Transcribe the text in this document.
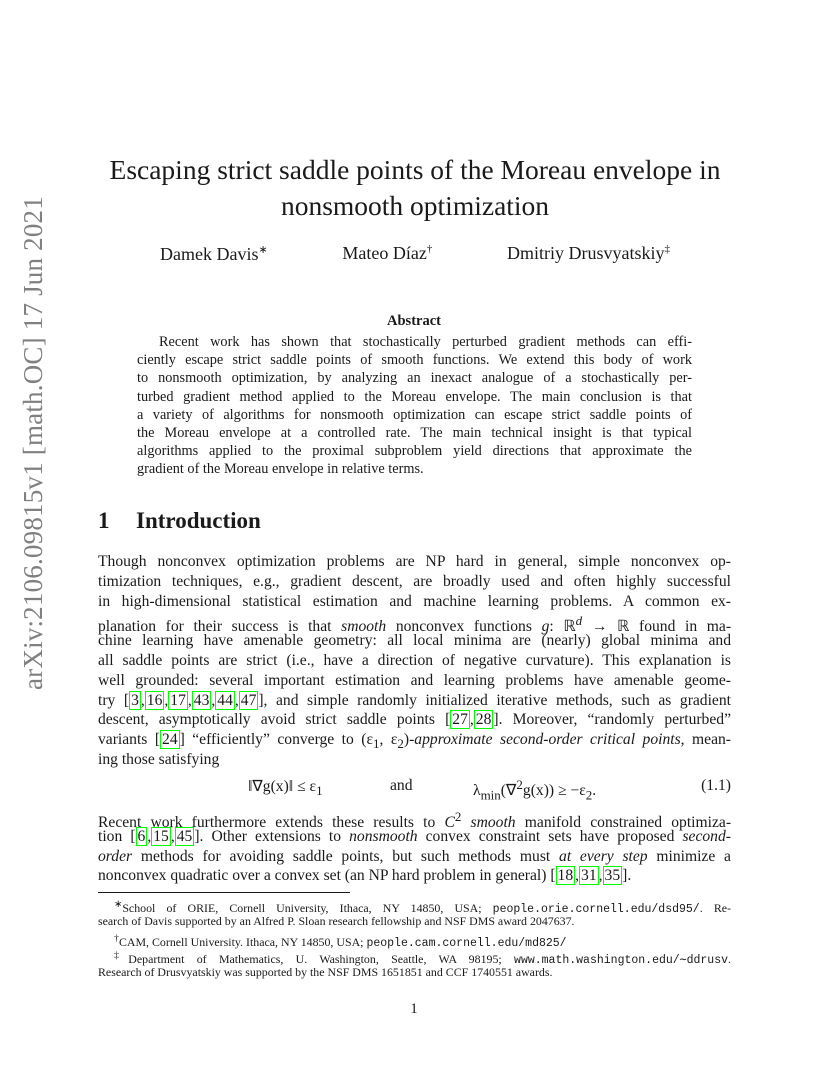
arXiv:2106.09815v1 [math.OC] 17 Jun 2021
Escaping strict saddle points of the Moreau envelope in
nonsmooth optimization
Damek Davis∗	Mateo Díaz†	Dmitriy Drusvyatskiy‡
Abstract
Recent work has shown that stochastically perturbed gradient methods can effi-
ciently escape strict saddle points of smooth functions. We extend this body of work
to nonsmooth optimization, by analyzing an inexact analogue of a stochastically per-
turbed gradient method applied to the Moreau envelope. The main conclusion is that
a variety of algorithms for nonsmooth optimization can escape strict saddle points of
the Moreau envelope at a controlled rate. The main technical insight is that typical
algorithms applied to the proximal subproblem yield directions that approximate the
gradient of the Moreau envelope in relative terms.
1 Introduction
Though nonconvex optimization problems are NP hard in general, simple nonconvex op-
timization techniques, e.g., gradient descent, are broadly used and often highly successful
in high-dimensional statistical estimation and machine learning problems. A common ex-
planation for their success is that smooth nonconvex functions g: ℝ$^d$ → ℝ found in ma-
chine learning have amenable geometry: all local minima are (nearly) global minima and
all saddle points are strict (i.e., have a direction of negative curvature). This explanation is
well grounded: several important estimation and learning problems have amenable geome-
try [ 3 , 16 , 17 , 43 , 44 , 47 ], and simple randomly initialized iterative methods, such as gradient
descent, asymptotically avoid strict saddle points [ 27 , 28 ]. Moreover, “randomly perturbed”
variants [ 24 ] “efficiently” converge to ($\varepsilon_1$, $\varepsilon_2$)-approximate second-order critical points, mean-
ing those satisfying
‖∇g(x)‖ ≤ $\varepsilon_1$	and	$\lambda_{min}(\nabla^2g(x)) \ge -\varepsilon_2$.	(1.1)
Recent work furthermore extends these results to $C^2$ smooth manifold constrained optimiza-
tion [ 6 , 15 , 45 ]. Other extensions to nonsmooth convex constraint sets have proposed second-
order methods for avoiding saddle points, but such methods must at every step minimize a
nonconvex quadratic over a convex set (an NP hard problem in general) [ 18 , 31 , 35 ].
∗School of ORIE, Cornell University, Ithaca, NY 14850, USA; people.orie.cornell.edu/dsd95/. Re-
search of Davis supported by an Alfred P. Sloan research fellowship and NSF DMS award 2047637.
†CAM, Cornell University. Ithaca, NY 14850, USA; people.cam.cornell.edu/md825/
‡Department of Mathematics, U. Washington, Seattle, WA 98195; www.math.washington.edu/∼ddrusv.
Research of Drusvyatskiy was supported by the NSF DMS 1651851 and CCF 1740551 awards.
1
